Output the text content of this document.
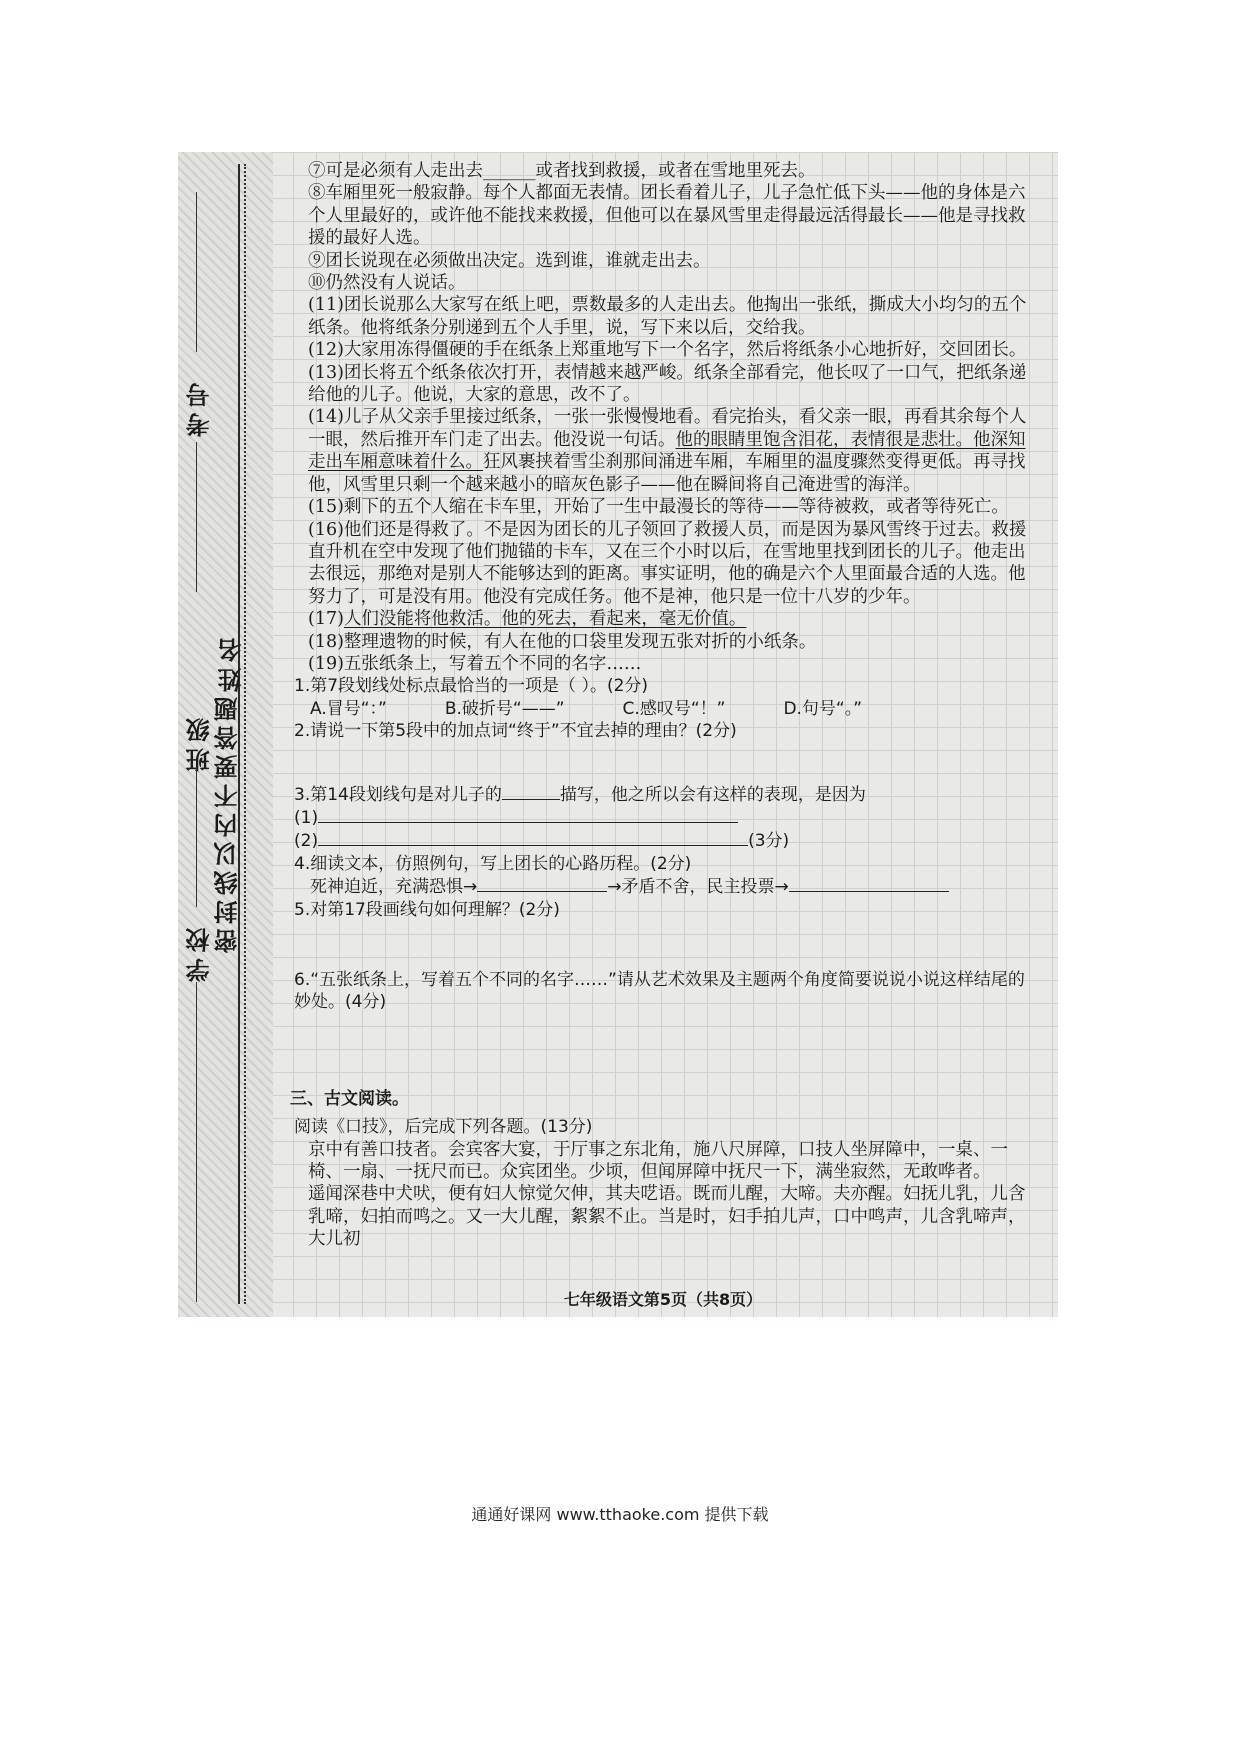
学校
班级
考号
姓名
密封线以内不要答题

⑦可是必须有人走出去______或者找到救援，或者在雪地里死去。

⑧车厢里死一般寂静。每个人都面无表情。团长看着儿子，儿子急忙低下头——他的身体是六个人里最好的，或许他不能找来救援，但他可以在暴风雪里走得最远活得最长——他是寻找救援的最好人选。

⑨团长说现在必须做出决定。选到谁，谁就走出去。

⑩仍然没有人说话。

(11)团长说那么大家写在纸上吧，票数最多的人走出去。他掏出一张纸，撕成大小均匀的五个纸条。他将纸条分别递到五个人手里，说，写下来以后，交给我。

(12)大家用冻得僵硬的手在纸条上郑重地写下一个名字，然后将纸条小心地折好，交回团长。

(13)团长将五个纸条依次打开，表情越来越严峻。纸条全部看完，他长叹了一口气，把纸条递给他的儿子。他说，大家的意思，改不了。

(14)儿子从父亲手里接过纸条，一张一张慢慢地看。看完抬头，看父亲一眼，再看其余每个人一眼，然后推开车门走了出去。他没说一句话。他的眼睛里饱含泪花，表情很是悲壮。他深知走出车厢意味着什么。狂风裹挟着雪尘刹那间涌进车厢，车厢里的温度骤然变得更低。再寻找他，风雪里只剩一个越来越小的暗灰色影子——他在瞬间将自己淹进雪的海洋。

(15)剩下的五个人缩在卡车里，开始了一生中最漫长的等待——等待被救，或者等待死亡。

(16)他们还是得救了。不是因为团长的儿子领回了救援人员，而是因为暴风雪终于过去。救援直升机在空中发现了他们抛锚的卡车，又在三个小时以后，在雪地里找到团长的儿子。他走出去很远，那绝对是别人不能够达到的距离。事实证明，他的确是六个人里面最合适的人选。他努力了，可是没有用。他没有完成任务。他不是神，他只是一位十八岁的少年。

(17)人们没能将他救活。他的死去，看起来，毫无价值。

(18)整理遗物的时候，有人在他的口袋里发现五张对折的小纸条。

(19)五张纸条上，写着五个不同的名字……

1.第7段划线处标点最恰当的一项是（ ）。(2分)

A.冒号“：”	B.破折号“——”	C.感叹号“！”	D.句号“。”

2.请说一下第5段中的加点词“终于”不宜去掉的理由？(2分)

3.第14段划线句是对儿子的	描写，他之所以会有这样的表现，是因为

(1)

(2)	(3分)

4.细读文本，仿照例句，写上团长的心路历程。(2分)

死神迫近，充满恐惧→	→矛盾不舍，民主投票→

5.对第17段画线句如何理解？(2分)

6.“五张纸条上，写着五个不同的名字……”请从艺术效果及主题两个角度简要说说小说这样结尾的妙处。(4分)

三、古文阅读。

阅读《口技》，后完成下列各题。(13分)

京中有善口技者。会宾客大宴，于厅事之东北角，施八尺屏障，口技人坐屏障中，一桌、一椅、一扇、一抚尺而已。众宾团坐。少顷，但闻屏障中抚尺一下，满坐寂然，无敢哗者。

遥闻深巷中犬吠，便有妇人惊觉欠伸，其夫呓语。既而儿醒，大啼。夫亦醒。妇抚儿乳，儿含乳啼，妇拍而鸣之。又一大儿醒，絮絮不止。当是时，妇手拍儿声，口中鸣声，儿含乳啼声，大儿初

七年级语文第5页（共8页）
通通好课网 www.tthaoke.com 提供下载
